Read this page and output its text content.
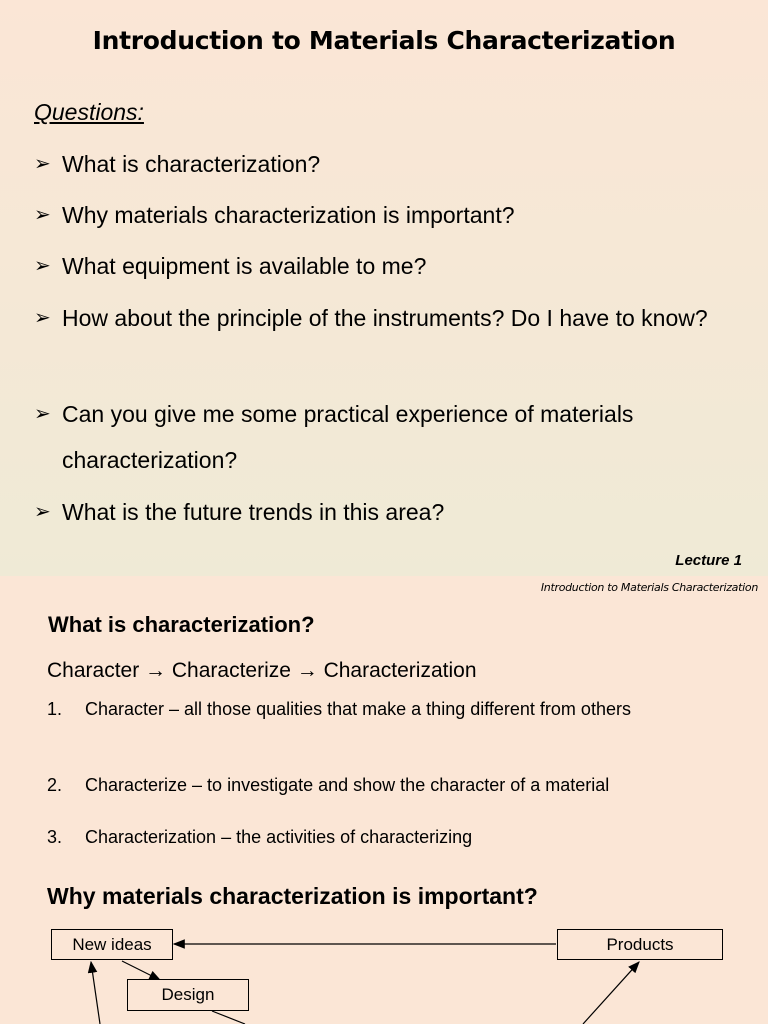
Introduction to Materials Characterization
Questions:
➢ What is characterization?
➢ Why materials characterization is important?
➢ What equipment is available to me?
➢ How about the principle of the instruments? Do I have to know?
➢ Can you give me some practical experience of materials characterization?
➢ What is the future trends in this area?
Lecture 1
Introduction to Materials Characterization
What is characterization?
Character → Characterize → Characterization
1.	Character – all those qualities that make a thing different from others
2.	Characterize – to investigate and show the character of a material
3.	Characterization – the activities of characterizing
Why materials characterization is important?
New ideas
Design
Products
